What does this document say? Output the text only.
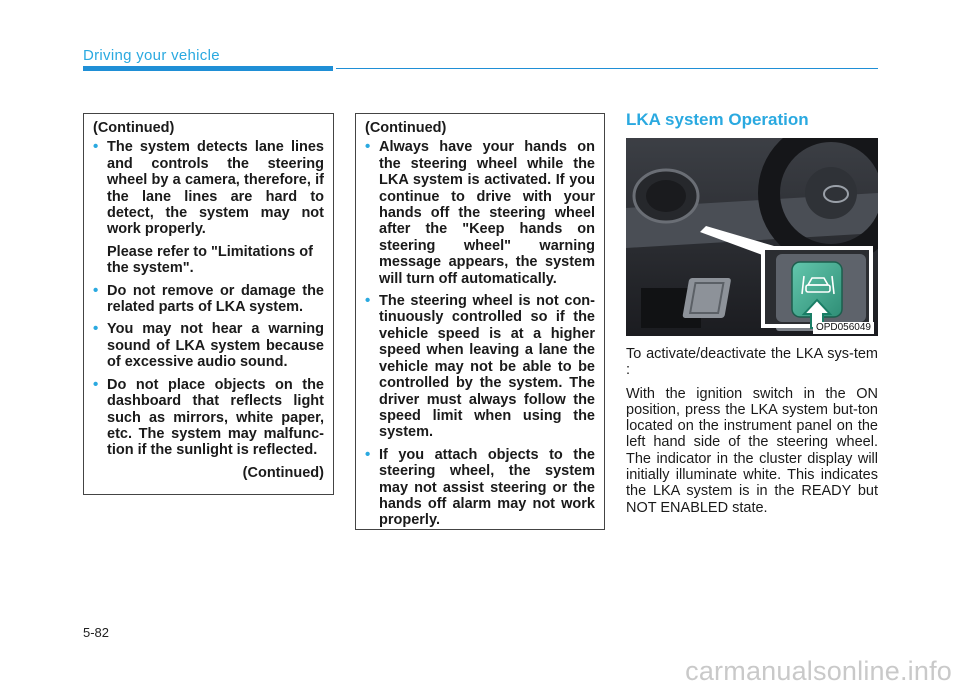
Driving your vehicle
(Continued)
• The system detects lane lines and controls the steering wheel by a camera, therefore, if the lane lines are hard to detect, the system may not work properly.
Please refer to "Limitations of the system".
• Do not remove or damage the related parts of LKA system.
• You may not hear a warning sound of LKA system because of excessive audio sound.
• Do not place objects on the dashboard that reflects light such as mirrors, white paper, etc. The system may malfunc-tion if the sunlight is reflected.
(Continued)
(Continued)
• Always have your hands on the steering wheel while the LKA system is activated. If you continue to drive with your hands off the steering wheel after the "Keep hands on steering wheel" warning message appears, the system will turn off automatically.
• The steering wheel is not con-tinuously controlled so if the vehicle speed is at a higher speed when leaving a lane the vehicle may not be able to be controlled by the system. The driver must always follow the speed limit when using the system.
• If you attach objects to the steering wheel, the system may not assist steering or the hands off alarm may not work properly.
LKA system Operation
OPD056049

To activate/deactivate the LKA sys-tem :

With the ignition switch in the ON position, press the LKA system but-ton located on the instrument panel on the left hand side of the steering wheel. The indicator in the cluster display will initially illuminate white. This indicates the LKA system is in the READY but NOT ENABLED state.

5-82
carmanualsonline.info
